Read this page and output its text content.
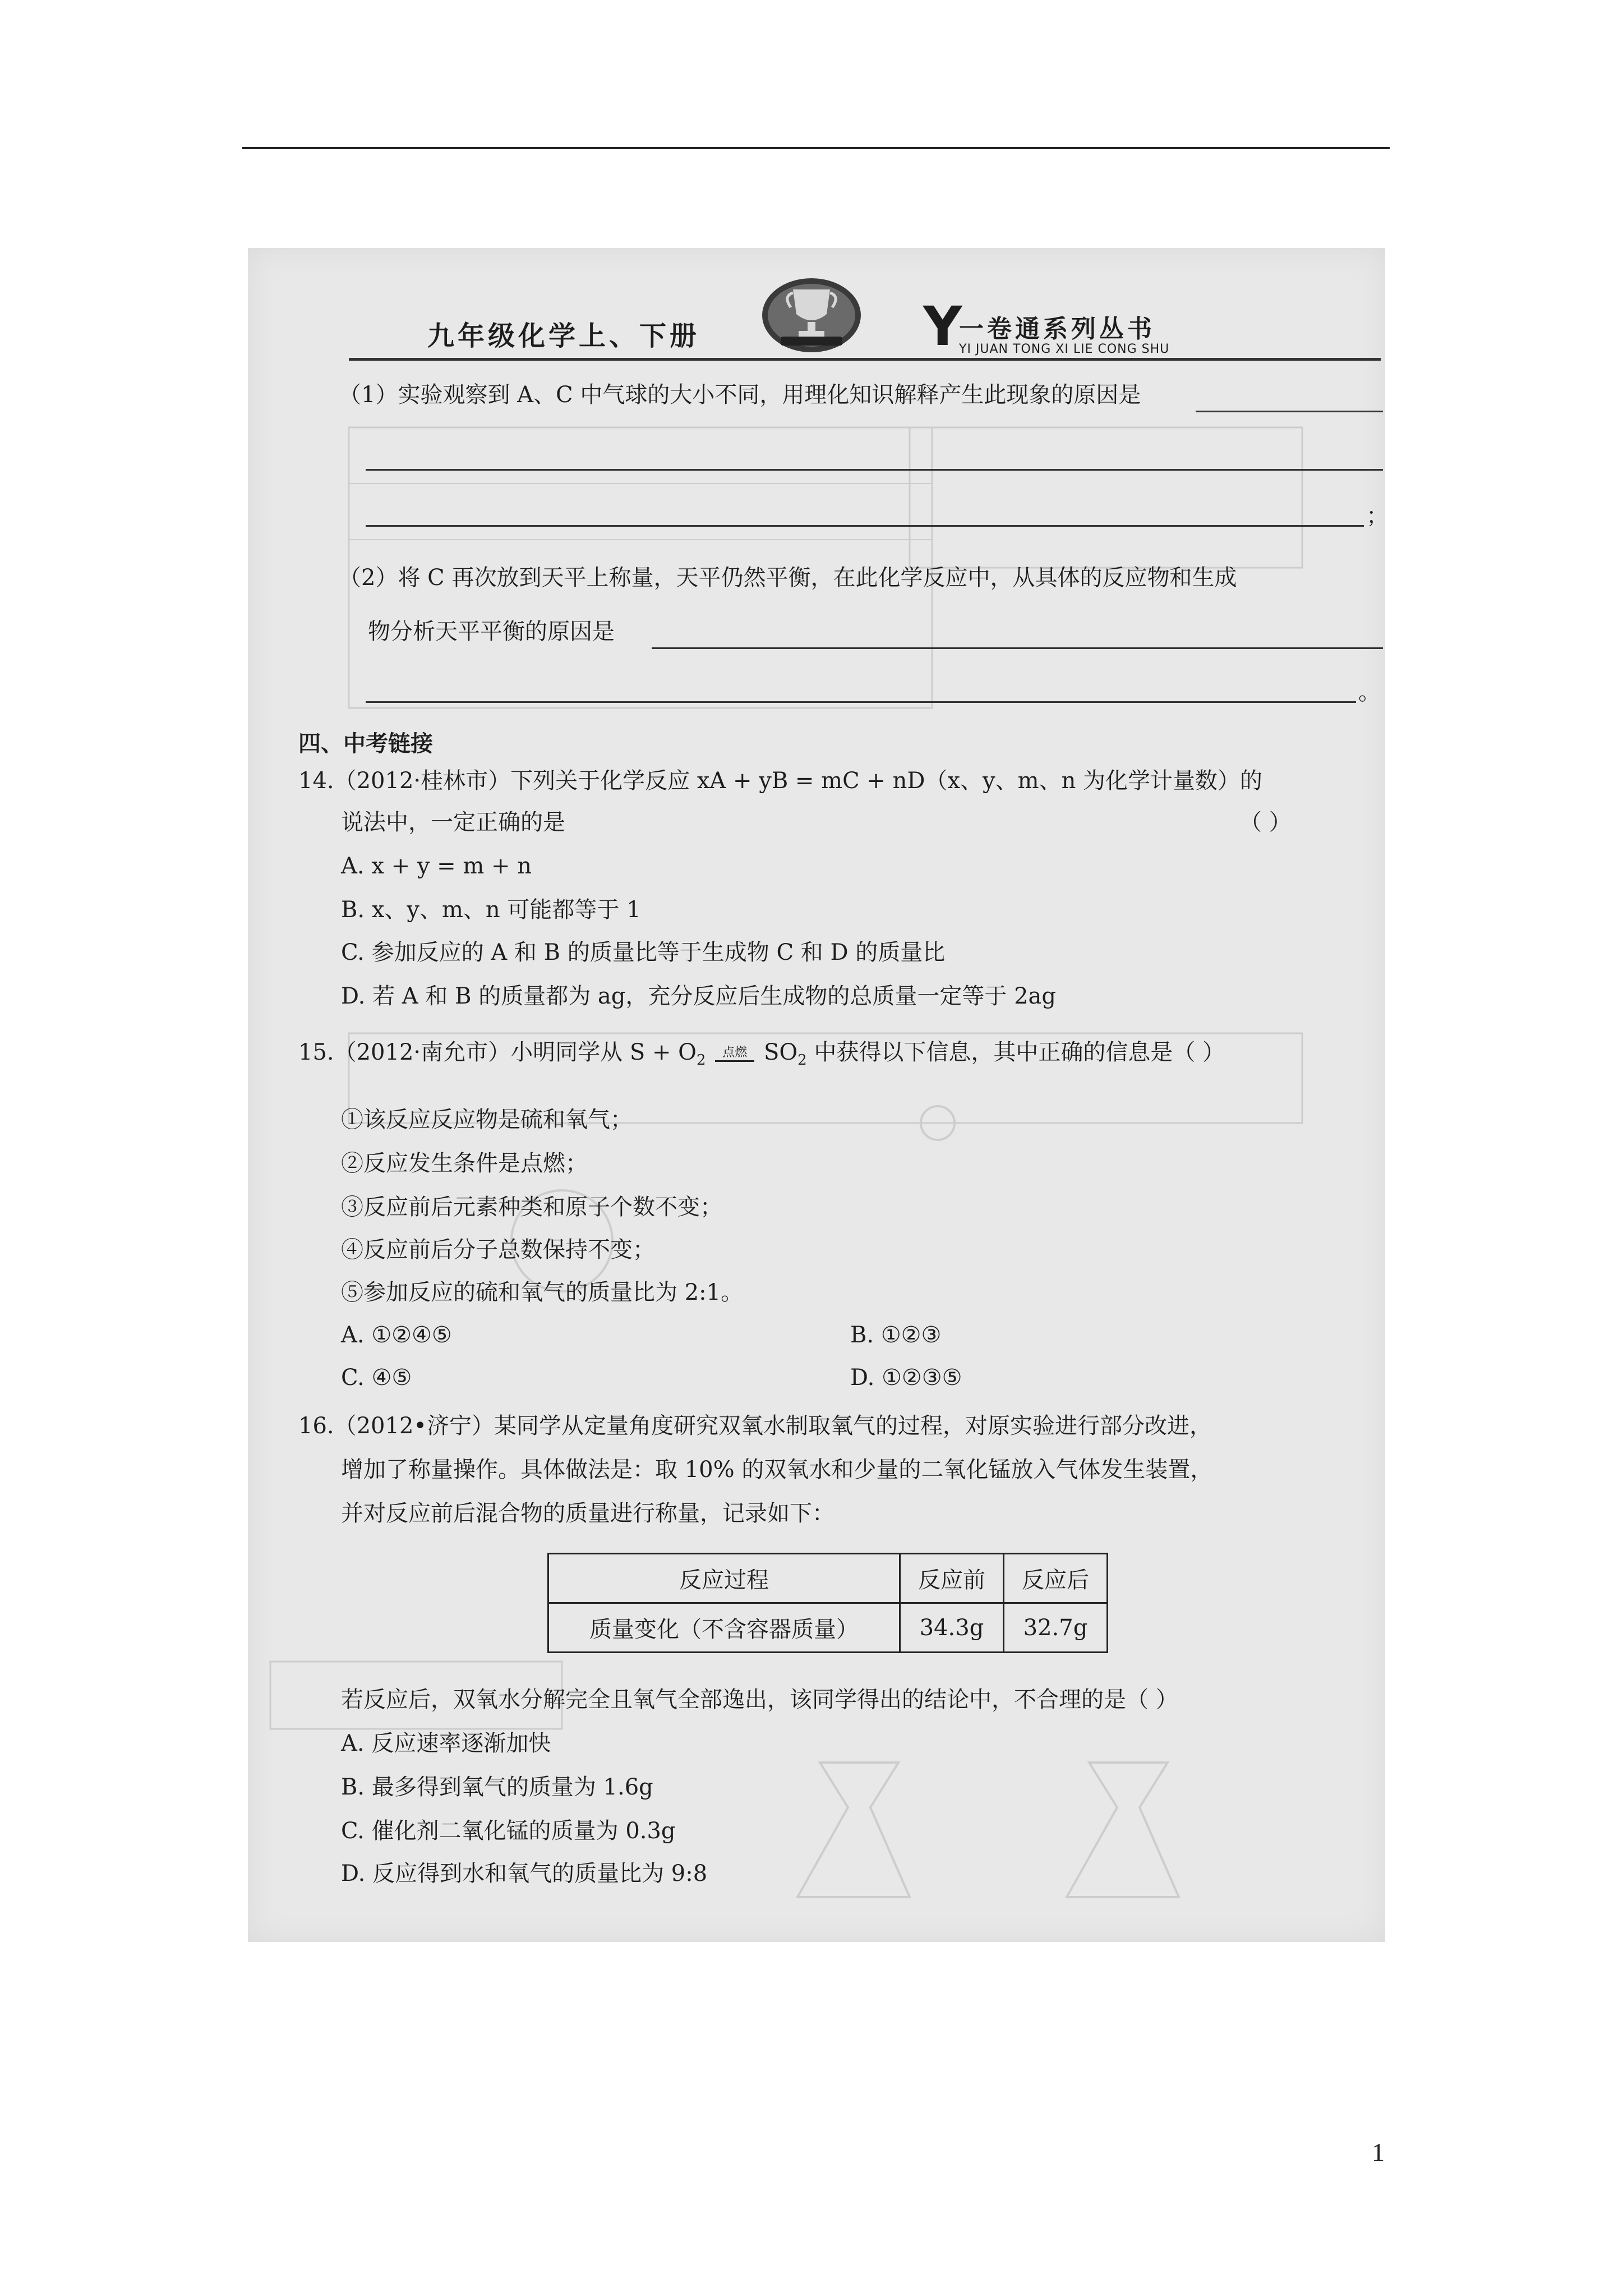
九年级化学上、下册	Y
一卷通系列丛书
YI JUAN TONG XI LIE CONG SHU
（1）实验观察到 A、C 中气球的大小不同，用理化知识解释产生此现象的原因是
；
（2）将 C 再次放到天平上称量，天平仍然平衡，在此化学反应中，从具体的反应物和生成
物分析天平平衡的原因是
。
四、中考链接
14.（2012·桂林市）下列关于化学反应 xA + yB = mC + nD（x、y、m、n 为化学计量数）的
说法中，一定正确的是	（ ）
A. x + y = m + n
B. x、y、m、n 可能都等于 1
C. 参加反应的 A 和 B 的质量比等于生成物 C 和 D 的质量比
D. 若 A 和 B 的质量都为 ag，充分反应后生成物的总质量一定等于 2ag
15.（2012·南允市）小明同学从 $S + O_2$	点燃 $SO_2$ 中获得以下信息，其中正确的信息是（ ）
①该反应反应物是硫和氧气；
②反应发生条件是点燃；
③反应前后元素种类和原子个数不变；
④反应前后分子总数保持不变；
⑤参加反应的硫和氧气的质量比为 2:1。
A. ①②④⑤	B. ①②③
C. ④⑤	D. ①②③⑤
16.（2012•济宁）某同学从定量角度研究双氧水制取氧气的过程，对原实验进行部分改进，
增加了称量操作。具体做法是：取 10% 的双氧水和少量的二氧化锰放入气体发生装置，
并对反应前后混合物的质量进行称量，记录如下：
反应过程	反应前	反应后
质量变化（不含容器质量）	34.3g	32.7g
若反应后，双氧水分解完全且氧气全部逸出，该同学得出的结论中，不合理的是（ ）
A. 反应速率逐渐加快
B. 最多得到氧气的质量为 1.6g
C. 催化剂二氧化锰的质量为 0.3g
D. 反应得到水和氧气的质量比为 9:8
1
